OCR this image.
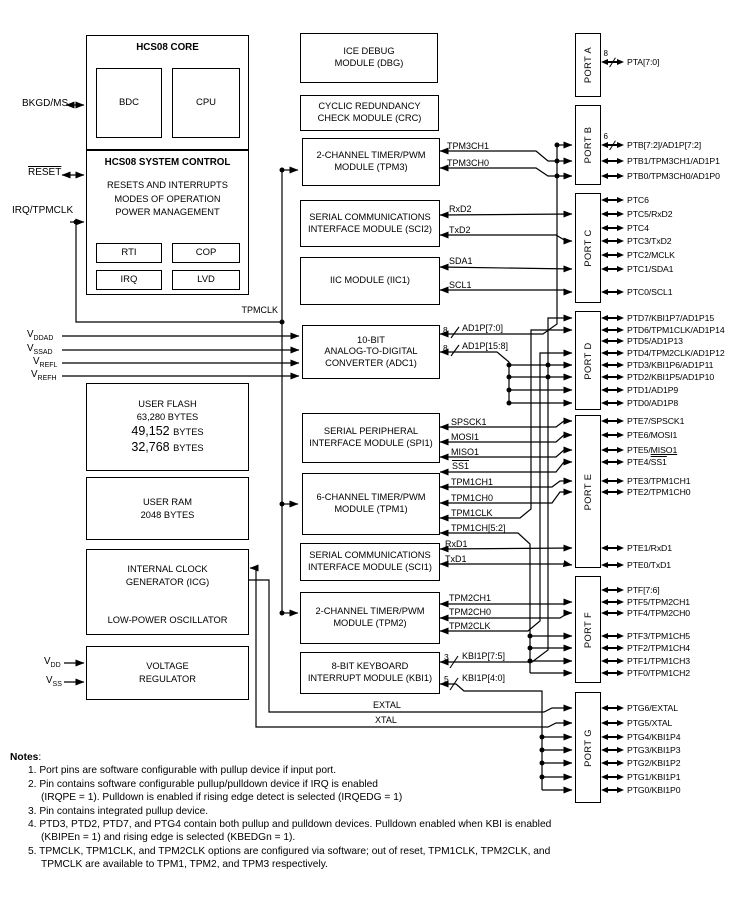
HCS08 CORE
BDC	CPU
HCS08 SYSTEM CONTROL
RESETS AND INTERRUPTS
MODES OF OPERATION
POWER MANAGEMENT
RTI	COP
IRQ	LVD
ICE DEBUG
MODULE (DBG)
CYCLIC REDUNDANCY
CHECK MODULE (CRC)
2-CHANNEL TIMER/PWM
MODULE (TPM3)
SERIAL COMMUNICATIONS
INTERFACE MODULE (SCI2)
IIC MODULE (IIC1)
10-BIT
ANALOG-TO-DIGITAL
CONVERTER (ADC1)
SERIAL PERIPHERAL
INTERFACE MODULE (SPI1)
6-CHANNEL TIMER/PWM
MODULE (TPM1)
SERIAL COMMUNICATIONS
INTERFACE MODULE (SCI1)
2-CHANNEL TIMER/PWM
MODULE (TPM2)
8-BIT KEYBOARD
INTERRUPT MODULE (KBI1)
USER FLASH
63,280 BYTES
49,152 BYTES
32,768 BYTES
USER RAM
2048 BYTES
INTERNAL CLOCK
GENERATOR (ICG)
LOW-POWER OSCILLATOR
VOLTAGE
REGULATOR
BKGD/MS
RESET
IRQ/TPMCLK
$V_{DDAD}$
$V_{SSAD}$
$V_{REFL}$
$V_{REFH}$
$V_{DD}$
$V_{SS}$
TPMCLK
TPM3CH1
TPM3CH0
RxD2
TxD2
SDA1
SCL1
8 AD1P[7:0]
8 AD1P[15:8]
SPSCK1
MOSI1
MISO1
SS1
TPM1CH1
TPM1CH0
TPM1CLK
TPM1CH[5:2]
RxD1
TxD1
TPM2CH1
TPM2CH0
TPM2CLK
3 KBI1P[7:5]
5 KBI1P[4:0]
EXTAL
XTAL
PORT A
PORT B
PORT C
PORT D
PORT E
PORT F
PORT G
8
PTA[7:0]
6
PTB[7:2]/AD1P[7:2]
PTB1/TPM3CH1/AD1P1
PTB0/TPM3CH0/AD1P0
PTC6
PTC5/RxD2
PTC4
PTC3/TxD2
PTC2/MCLK
PTC1/SDA1
PTC0/SCL1
PTD7/KBI1P7/AD1P15
PTD6/TPM1CLK/AD1P14
PTD5/AD1P13
PTD4/TPM2CLK/AD1P12
PTD3/KBI1P6/AD1P11
PTD2/KBI1P5/AD1P10
PTD1/AD1P9
PTD0/AD1P8
PTE7/SPSCK1
PTE6/MOSI1
PTE5/MISO1
PTE4/SS1
PTE3/TPM1CH1
PTE2/TPM1CH0
PTE1/RxD1
PTE0/TxD1
PTF[7:6]
PTF5/TPM2CH1
PTF4/TPM2CH0
PTF3/TPM1CH5
PTF2/TPM1CH4
PTF1/TPM1CH3
PTF0/TPM1CH2
PTG6/EXTAL
PTG5/XTAL
PTG4/KBI1P4
PTG3/KBI1P3
PTG2/KBI1P2
PTG1/KBI1P1
PTG0/KBI1P0
Notes:
1. Port pins are software configurable with pullup device if input port.
2. Pin contains software configurable pullup/pulldown device if IRQ is enabled
(IRQPE = 1). Pulldown is enabled if rising edge detect is selected (IRQEDG = 1)
3. Pin contains integrated pullup device.
4. PTD3, PTD2, PTD7, and PTG4 contain both pullup and pulldown devices. Pulldown enabled when KBI is enabled
(KBIPEn = 1) and rising edge is selected (KBEDGn = 1).
5. TPMCLK, TPM1CLK, and TPM2CLK options are configured via software; out of reset, TPM1CLK, TPM2CLK, and
TPMCLK are available to TPM1, TPM2, and TPM3 respectively.
